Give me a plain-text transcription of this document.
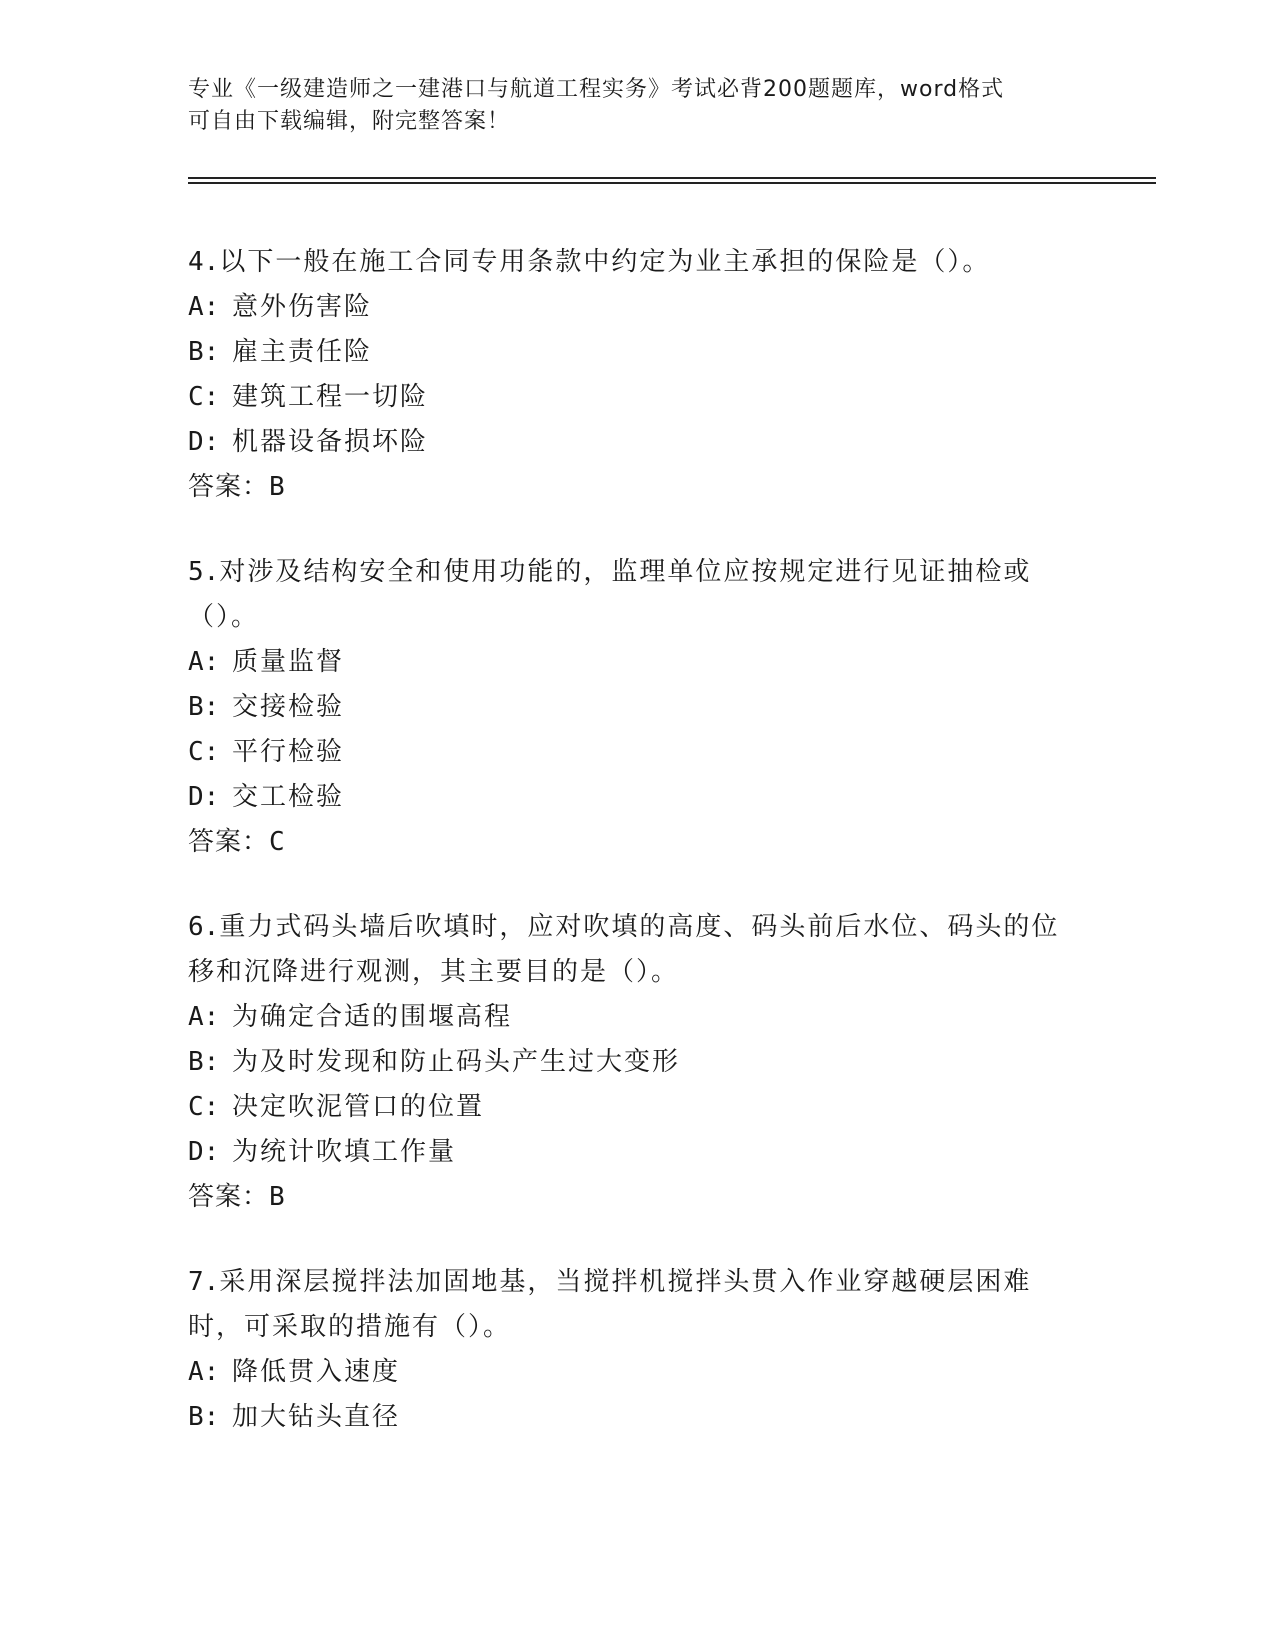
专业《一级建造师之一建港口与航道工程实务》考试必背200题题库，word格式
可自由下载编辑，附完整答案！
4.以下一般在施工合同专用条款中约定为业主承担的保险是（）。
A: 意外伤害险
B: 雇主责任险
C: 建筑工程一切险
D: 机器设备损坏险
答案：B
5.对涉及结构安全和使用功能的，监理单位应按规定进行见证抽检或（）。
A: 质量监督
B: 交接检验
C: 平行检验
D: 交工检验
答案：C
6.重力式码头墙后吹填时，应对吹填的高度、码头前后水位、码头的位移和沉降进行观测，其主要目的是（）。
A: 为确定合适的围堰高程
B: 为及时发现和防止码头产生过大变形
C: 决定吹泥管口的位置
D: 为统计吹填工作量
答案：B
7.采用深层搅拌法加固地基，当搅拌机搅拌头贯入作业穿越硬层困难时，可采取的措施有（）。
A: 降低贯入速度
B: 加大钻头直径
